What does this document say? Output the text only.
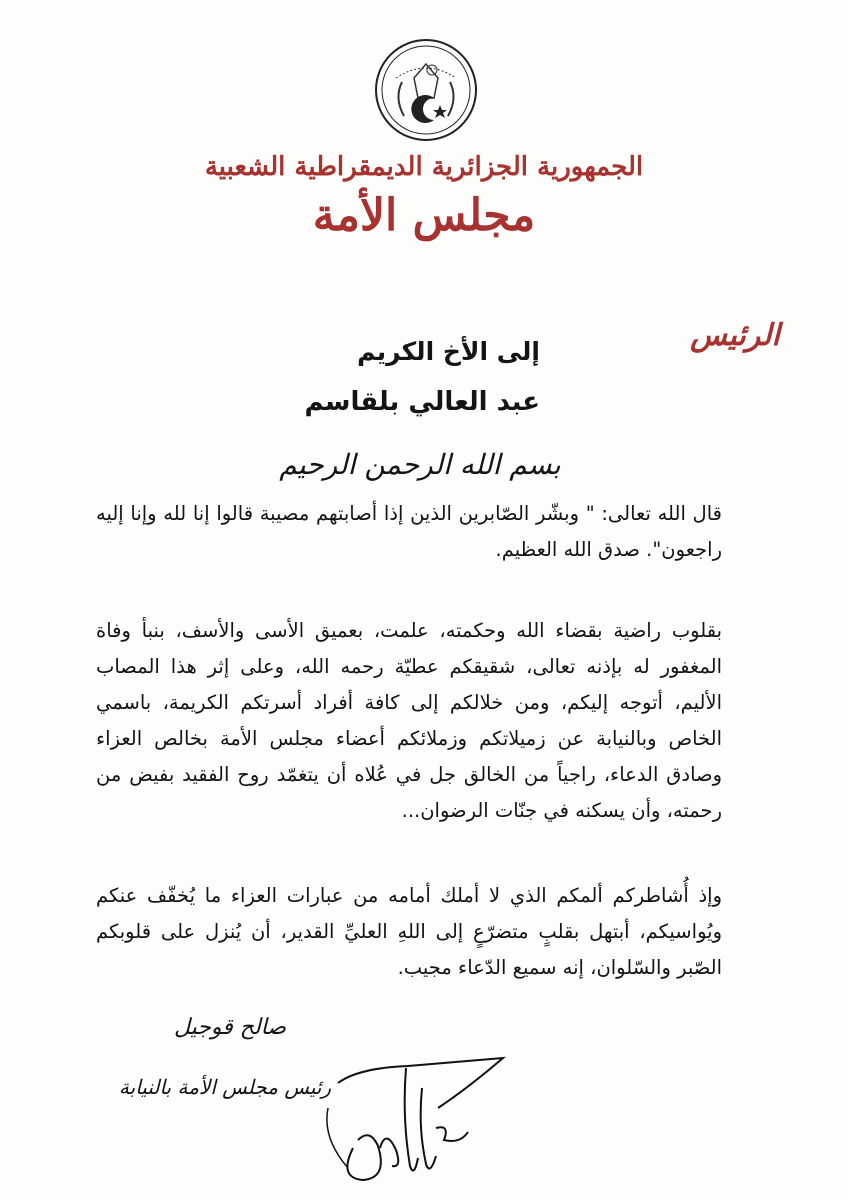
الجمهورية الجزائرية الديمقراطية الشعبية
مجلس الأمة
الرئيس
إلى الأخ الكريم
عبد العالي بلقاسم
بسم الله الرحمن الرحيم
قال الله تعالى: " وبشّر الصّابرين الذين إذا أصابتهم مصيبة قالوا إنا لله وإنا إليه راجعون". صدق الله العظيم.
بقلوب راضية بقضاء الله وحكمته، علمت، بعميق الأسى والأسف، بنبأ وفاة المغفور له بإذنه تعالى، شقيقكم عطيّة رحمه الله، وعلى إثر هذا المصاب الأليم، أتوجه إليكم، ومن خلالكم إلى كافة أفراد أسرتكم الكريمة، باسمي الخاص وبالنيابة عن زميلاتكم وزملائكم أعضاء مجلس الأمة بخالص العزاء وصادق الدعاء، راجياً من الخالق جل في عُلاه أن يتغمّد روح الفقيد بفيض من رحمته، وأن يسكنه في جنّات الرضوان...
وإذ أُشاطركم ألمكم الذي لا أملك أمامه من عبارات العزاء ما يُخفّف عنكم ويُواسيكم، أبتهل بقلبٍ متضرّعٍ إلى اللهِ العليِّ القدير، أن يُنزل على قلوبكم الصّبر والسّلوان، إنه سميع الدّعاء مجيب.
صالح قوجيل
رئيس مجلس الأمة بالنيابة
